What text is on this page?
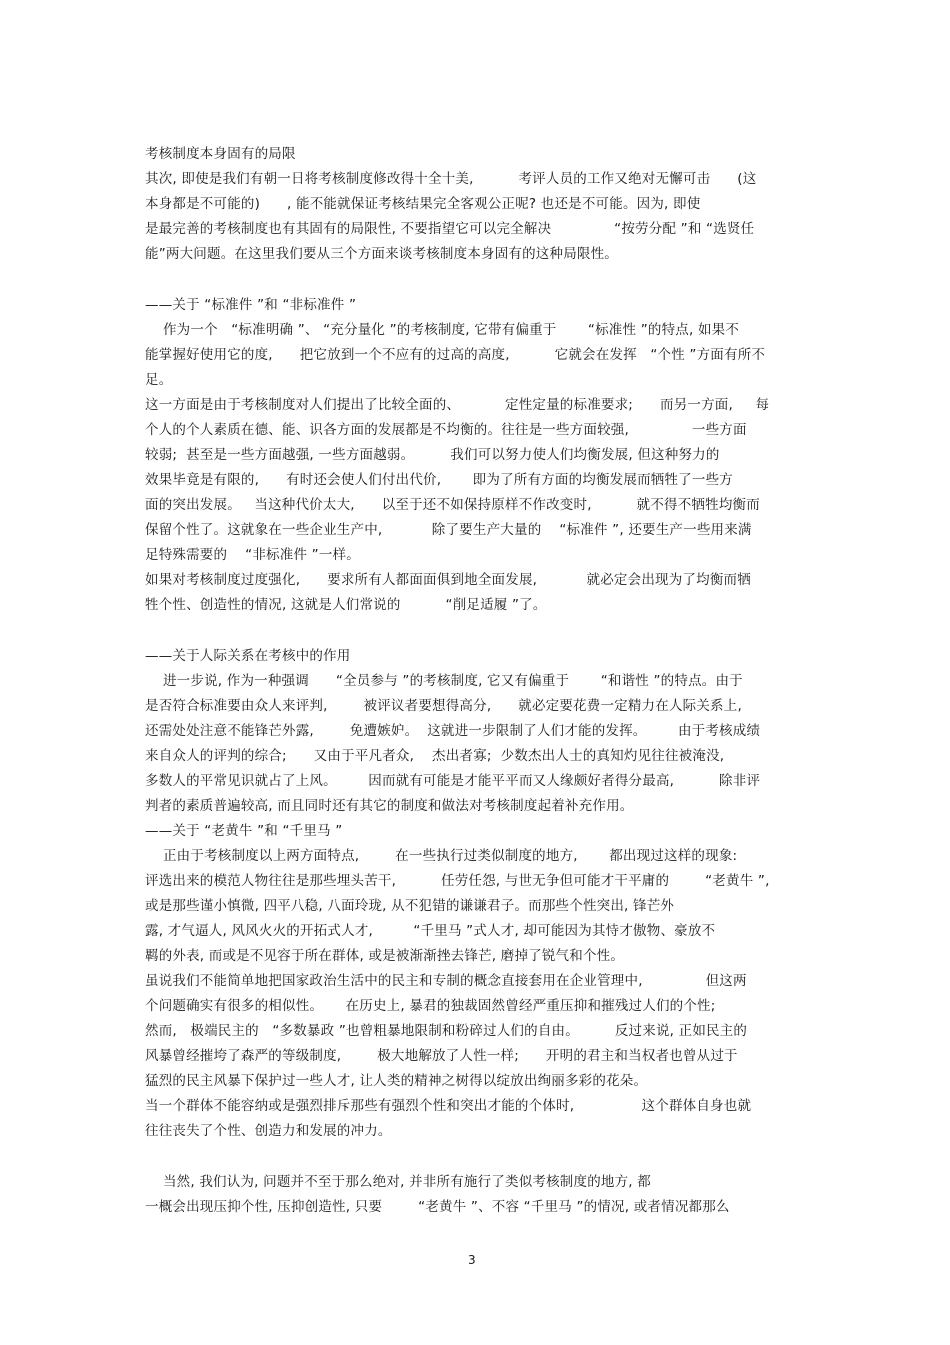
考核制度本身固有的局限

其次, 即使是我们有朝一日将考核制度修改得十全十美,          考评人员的工作又绝对无懈可击      (这

本身都是不可能的)      , 能不能就保证考核结果完全客观公正呢? 也还是不可能。因为, 即使

是最完善的考核制度也有其固有的局限性, 不要指望它可以完全解决              “按劳分配 ”和 “选贤任

能”两大问题。在这里我们要从三个方面来谈考核制度本身固有的这种局限性。

——关于 “标准件 ”和 “非标准件 ”

作为一个   “标准明确 ”、 “充分量化 ”的考核制度, 它带有偏重于       “标准性 ”的特点, 如果不

能掌握好使用它的度,      把它放到一个不应有的过高的高度,          它就会在发挥   “个性 ”方面有所不

足。

这一方面是由于考核制度对人们提出了比较全面的、          定性定量的标准要求;      而另一方面,     每

个人的个人素质在德、能、识各方面的发展都是不均衡的。往往是一些方面较强,              一些方面

较弱;  甚至是一些方面越强, 一些方面越弱。        我们可以努力使人们均衡发展, 但这种努力的

效果毕竟是有限的,      有时还会使人们付出代价,       即为了所有方面的均衡发展而牺牲了一些方

面的突出发展。   当这种代价太大,      以至于还不如保持原样不作改变时,          就不得不牺牲均衡而

保留个性了。这就象在一些企业生产中,           除了要生产大量的    “标准件 ”, 还要生产一些用来满

足特殊需要的    “非标准件 ”一样。

如果对考核制度过度强化,      要求所有人都面面俱到地全面发展,           就必定会出现为了均衡而牺

牲个性、创造性的情况, 这就是人们常说的          “削足适履 ”了。

——关于人际关系在考核中的作用

进一步说, 作为一种强调      “全员参与 ”的考核制度, 它又有偏重于       “和谐性 ”的特点。由于

是否符合标准要由众人来评判,        被评议者要想得高分,      就必定要花费一定精力在人际关系上,

还需处处注意不能锋芒外露,        免遭嫉妒。  这就进一步限制了人们才能的发挥。       由于考核成绩

来自众人的评判的综合;      又由于平凡者众,    杰出者寡;  少数杰出人士的真知灼见往往被淹没,

多数人的平常见识就占了上风。       因而就有可能是才能平平而又人缘颇好者得分最高,          除非评

判者的素质普遍较高, 而且同时还有其它的制度和做法对考核制度起着补充作用。

——关于 “老黄牛 ”和 “千里马 ”

正由于考核制度以上两方面特点,        在一些执行过类似制度的地方,       都出现过这样的现象:

评选出来的模范人物往往是那些埋头苦干,          任劳任怨, 与世无争但可能才干平庸的        “老黄牛 ”,

或是那些谨小慎微, 四平八稳, 八面玲珑, 从不犯错的谦谦君子。而那些个性突出, 锋芒外

露, 才气逼人, 风风火火的开拓式人才,         “千里马 ”式人才, 却可能因为其恃才傲物、豪放不

羁的外表, 而或是不见容于所在群体, 或是被渐渐挫去锋芒, 磨掉了锐气和个性。

虽说我们不能简单地把国家政治生活中的民主和专制的概念直接套用在企业管理中,              但这两

个问题确实有很多的相似性。     在历史上, 暴君的独裁固然曾经严重压抑和摧残过人们的个性;

然而,   极端民主的   “多数暴政 ”也曾粗暴地限制和粉碎过人们的自由。        反过来说, 正如民主的

风暴曾经摧垮了森严的等级制度,        极大地解放了人性一样;      开明的君主和当权者也曾从过于

猛烈的民主风暴下保护过一些人才, 让人类的精神之树得以绽放出绚丽多彩的花朵。

当一个群体不能容纳或是强烈排斥那些有强烈个性和突出才能的个体时,               这个群体自身也就

往往丧失了个性、创造力和发展的冲力。

当然, 我们认为, 问题并不至于那么绝对, 并非所有施行了类似考核制度的地方, 都

一概会出现压抑个性, 压抑创造性, 只要        “老黄牛 ”、不容 “千里马 ”的情况, 或者情况都那么

3
